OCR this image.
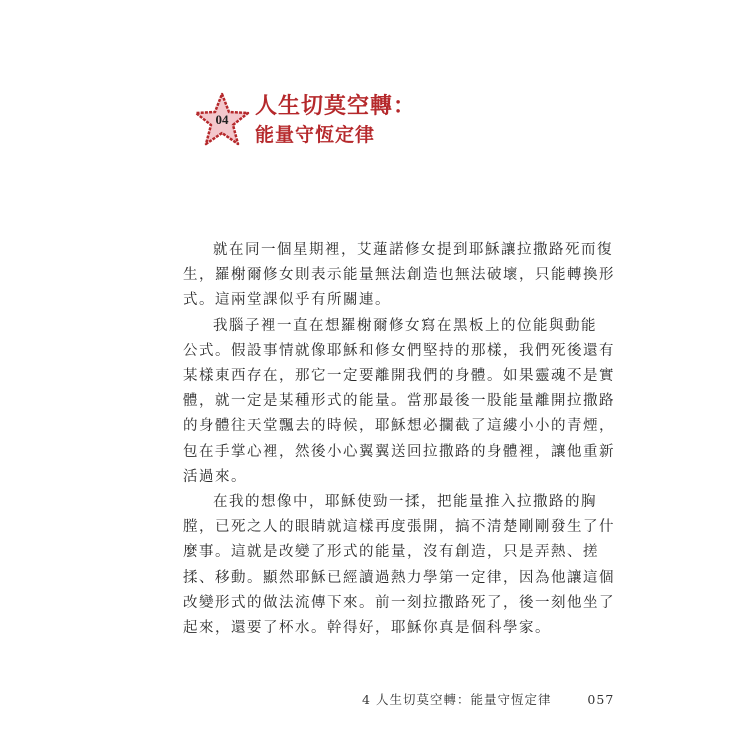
04
人生切莫空轉：
能量守恆定律

就在同一個星期裡，艾蓮諾修女提到耶穌讓拉撒路死而復
生，羅榭爾修女則表示能量無法創造也無法破壞，只能轉換形
式。這兩堂課似乎有所關連。

我腦子裡一直在想羅榭爾修女寫在黑板上的位能與動能
公式。假設事情就像耶穌和修女們堅持的那樣，我們死後還有
某樣東西存在，那它一定要離開我們的身體。如果靈魂不是實
體，就一定是某種形式的能量。當那最後一股能量離開拉撒路
的身體往天堂飄去的時候，耶穌想必攔截了這縷小小的青煙，
包在手掌心裡，然後小心翼翼送回拉撒路的身體裡，讓他重新
活過來。

在我的想像中，耶穌使勁一揉，把能量推入拉撒路的胸
膛，已死之人的眼睛就這樣再度張開，搞不清楚剛剛發生了什
麼事。這就是改變了形式的能量，沒有創造，只是弄熱、搓
揉、移動。顯然耶穌已經讀過熱力學第一定律，因為他讓這個
改變形式的做法流傳下來。前一刻拉撒路死了，後一刻他坐了
起來，還要了杯水。幹得好，耶穌你真是個科學家。

4 人生切莫空轉：能量守恆定律	057
